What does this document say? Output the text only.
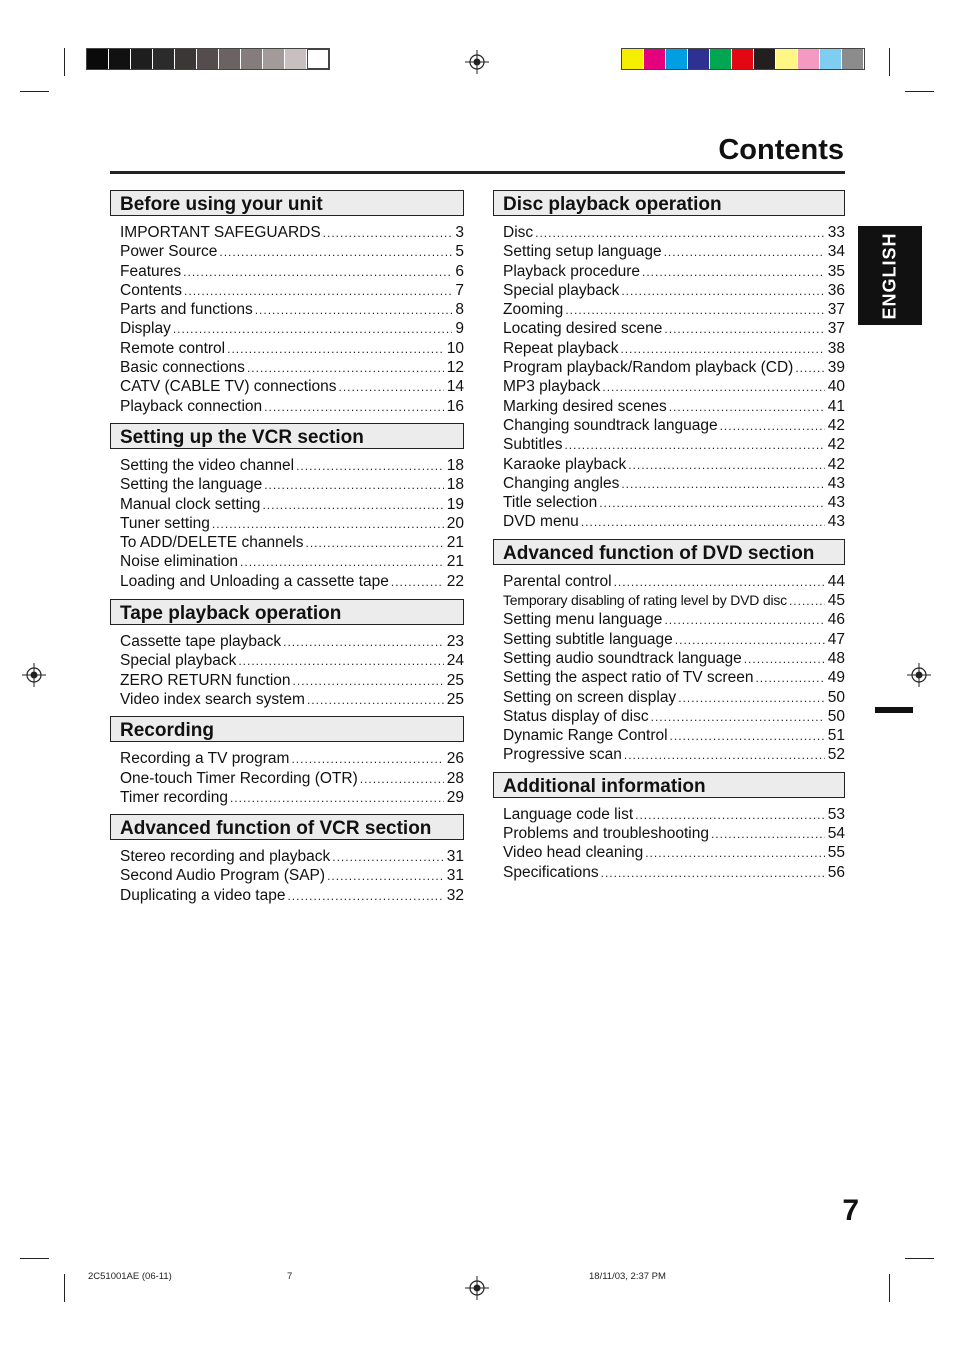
Contents
Before using your unit
IMPORTANT SAFEGUARDS .....	3
Power Source .....	5
Features .....	6
Contents .....	7
Parts and functions .....	8
Display .....	9
Remote control .....	10
Basic connections .....	12
CATV (CABLE TV) connections .....	14
Playback connection .....	16
Setting up the VCR section
Setting the video channel .....	18
Setting the language .....	18
Manual clock setting .....	19
Tuner setting .....	20
To ADD/DELETE channels .....	21
Noise elimination .....	21
Loading and Unloading a cassette tape .....	22
Tape playback operation
Cassette tape playback .....	23
Special playback .....	24
ZERO RETURN function .....	25
Video index search system .....	25
Recording
Recording a TV program .....	26
One-touch Timer Recording (OTR) .....	28
Timer recording .....	29
Advanced function of VCR section
Stereo recording and playback .....	31
Second Audio Program (SAP) .....	31
Duplicating a video tape .....	32
Disc playback operation
Disc .....	33
Setting setup language .....	34
Playback procedure .....	35
Special playback .....	36
Zooming .....	37
Locating desired scene .....	37
Repeat playback .....	38
Program playback/Random playback (CD) ..... 39
MP3 playback .....	40
Marking desired scenes .....	41
Changing soundtrack language .....	42
Subtitles .....	42
Karaoke playback .....	42
Changing angles .....	43
Title selection .....	43
DVD menu .....	43
Advanced function of DVD section
Parental control .....	44
Temporary disabling of rating level by DVD disc .....	45
Setting menu language .....	46
Setting subtitle language .....	47
Setting audio soundtrack language .....	48
Setting the aspect ratio of TV screen .....	49
Setting on screen display .....	50
Status display of disc .....	50
Dynamic Range Control .....	51
Progressive scan .....	52
Additional information
Language code list .....	53
Problems and troubleshooting .....	54
Video head cleaning .....	55
Specifications .....	56
ENGLISH
7
2C51001AE (06-11)	7	18/11/03, 2:37 PM
